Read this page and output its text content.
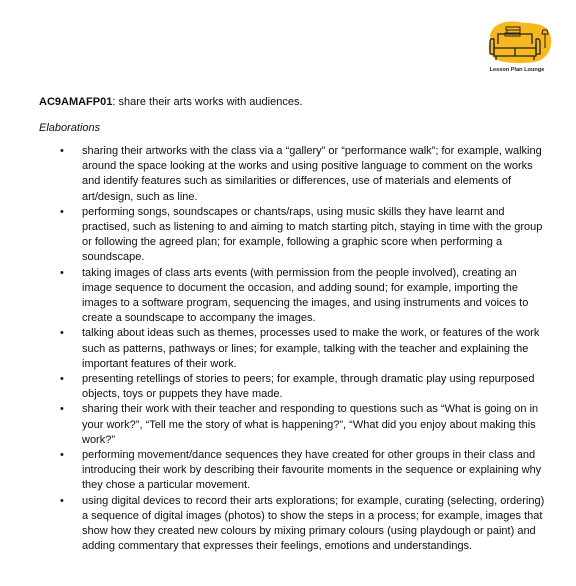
Lesson Plan Lounge
AC9AMAFP01: share their arts works with audiences.
Elaborations
• sharing their artworks with the class via a “gallery” or “performance walk”; for example, walking around the space looking at the works and using positive language to comment on the works and identify features such as similarities or differences, use of materials and elements of art/design, such as line.
• performing songs, soundscapes or chants/raps, using music skills they have learnt and practised, such as listening to and aiming to match starting pitch, staying in time with the group or following the agreed plan; for example, following a graphic score when performing a soundscape.
• taking images of class arts events (with permission from the people involved), creating an image sequence to document the occasion, and adding sound; for example, importing the images to a software program, sequencing the images, and using instruments and voices to create a soundscape to accompany the images.
• talking about ideas such as themes, processes used to make the work, or features of the work such as patterns, pathways or lines; for example, talking with the teacher and explaining the important features of their work.
• presenting retellings of stories to peers; for example, through dramatic play using repurposed objects, toys or puppets they have made.
• sharing their work with their teacher and responding to questions such as “What is going on in your work?”, “Tell me the story of what is happening?”, “What did you enjoy about making this work?”
• performing movement/dance sequences they have created for other groups in their class and introducing their work by describing their favourite moments in the sequence or explaining why they chose a particular movement.
• using digital devices to record their arts explorations; for example, curating (selecting, ordering) a sequence of digital images (photos) to show the steps in a process; for example, images that show how they created new colours by mixing primary colours (using playdough or paint) and adding commentary that expresses their feelings, emotions and understandings.
